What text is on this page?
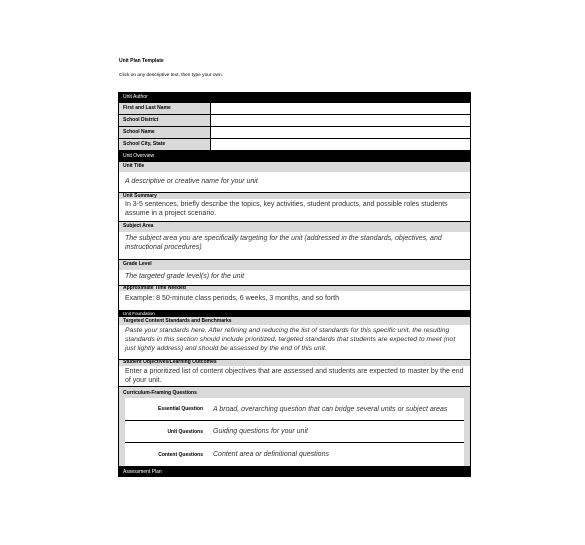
Unit Plan Template
Click on any descriptive text, then type your own.
Unit Author
First and Last Name
School District
School Name
School City, State
Unit Overview
Unit Title
A descriptive or creative name for your unit
Unit Summary
In 3-5 sentences, briefly describe the topics, key activities, student products, and possible roles students assume in a project scenario.
Subject Area
The subject area you are specifically targeting for the unit (addressed in the standards, objectives, and instructional procedures)
Grade Level
The targeted grade level(s) for the unit
Approximate Time Needed
Example: 8 50-minute class periods, 6 weeks, 3 months, and so forth
Unit Foundation
Targeted Content Standards and Benchmarks
Paste your standards here. After refining and reducing the list of standards for this specific unit, the resulting standards in this section should include prioritized, targeted standards that students are expected to meet (not just lightly address) and should be assessed by the end of this unit.
Student Objectives/Learning Outcomes
Enter a prioritized list of content objectives that are assessed and students are expected to master by the end of your unit.
Curriculum-Framing Questions
Essential Question	A broad, overarching question that can bridge several units or subject areas
Unit Questions	Guiding questions for your unit
Content Questions	Content area or definitional questions
Assessment Plan
